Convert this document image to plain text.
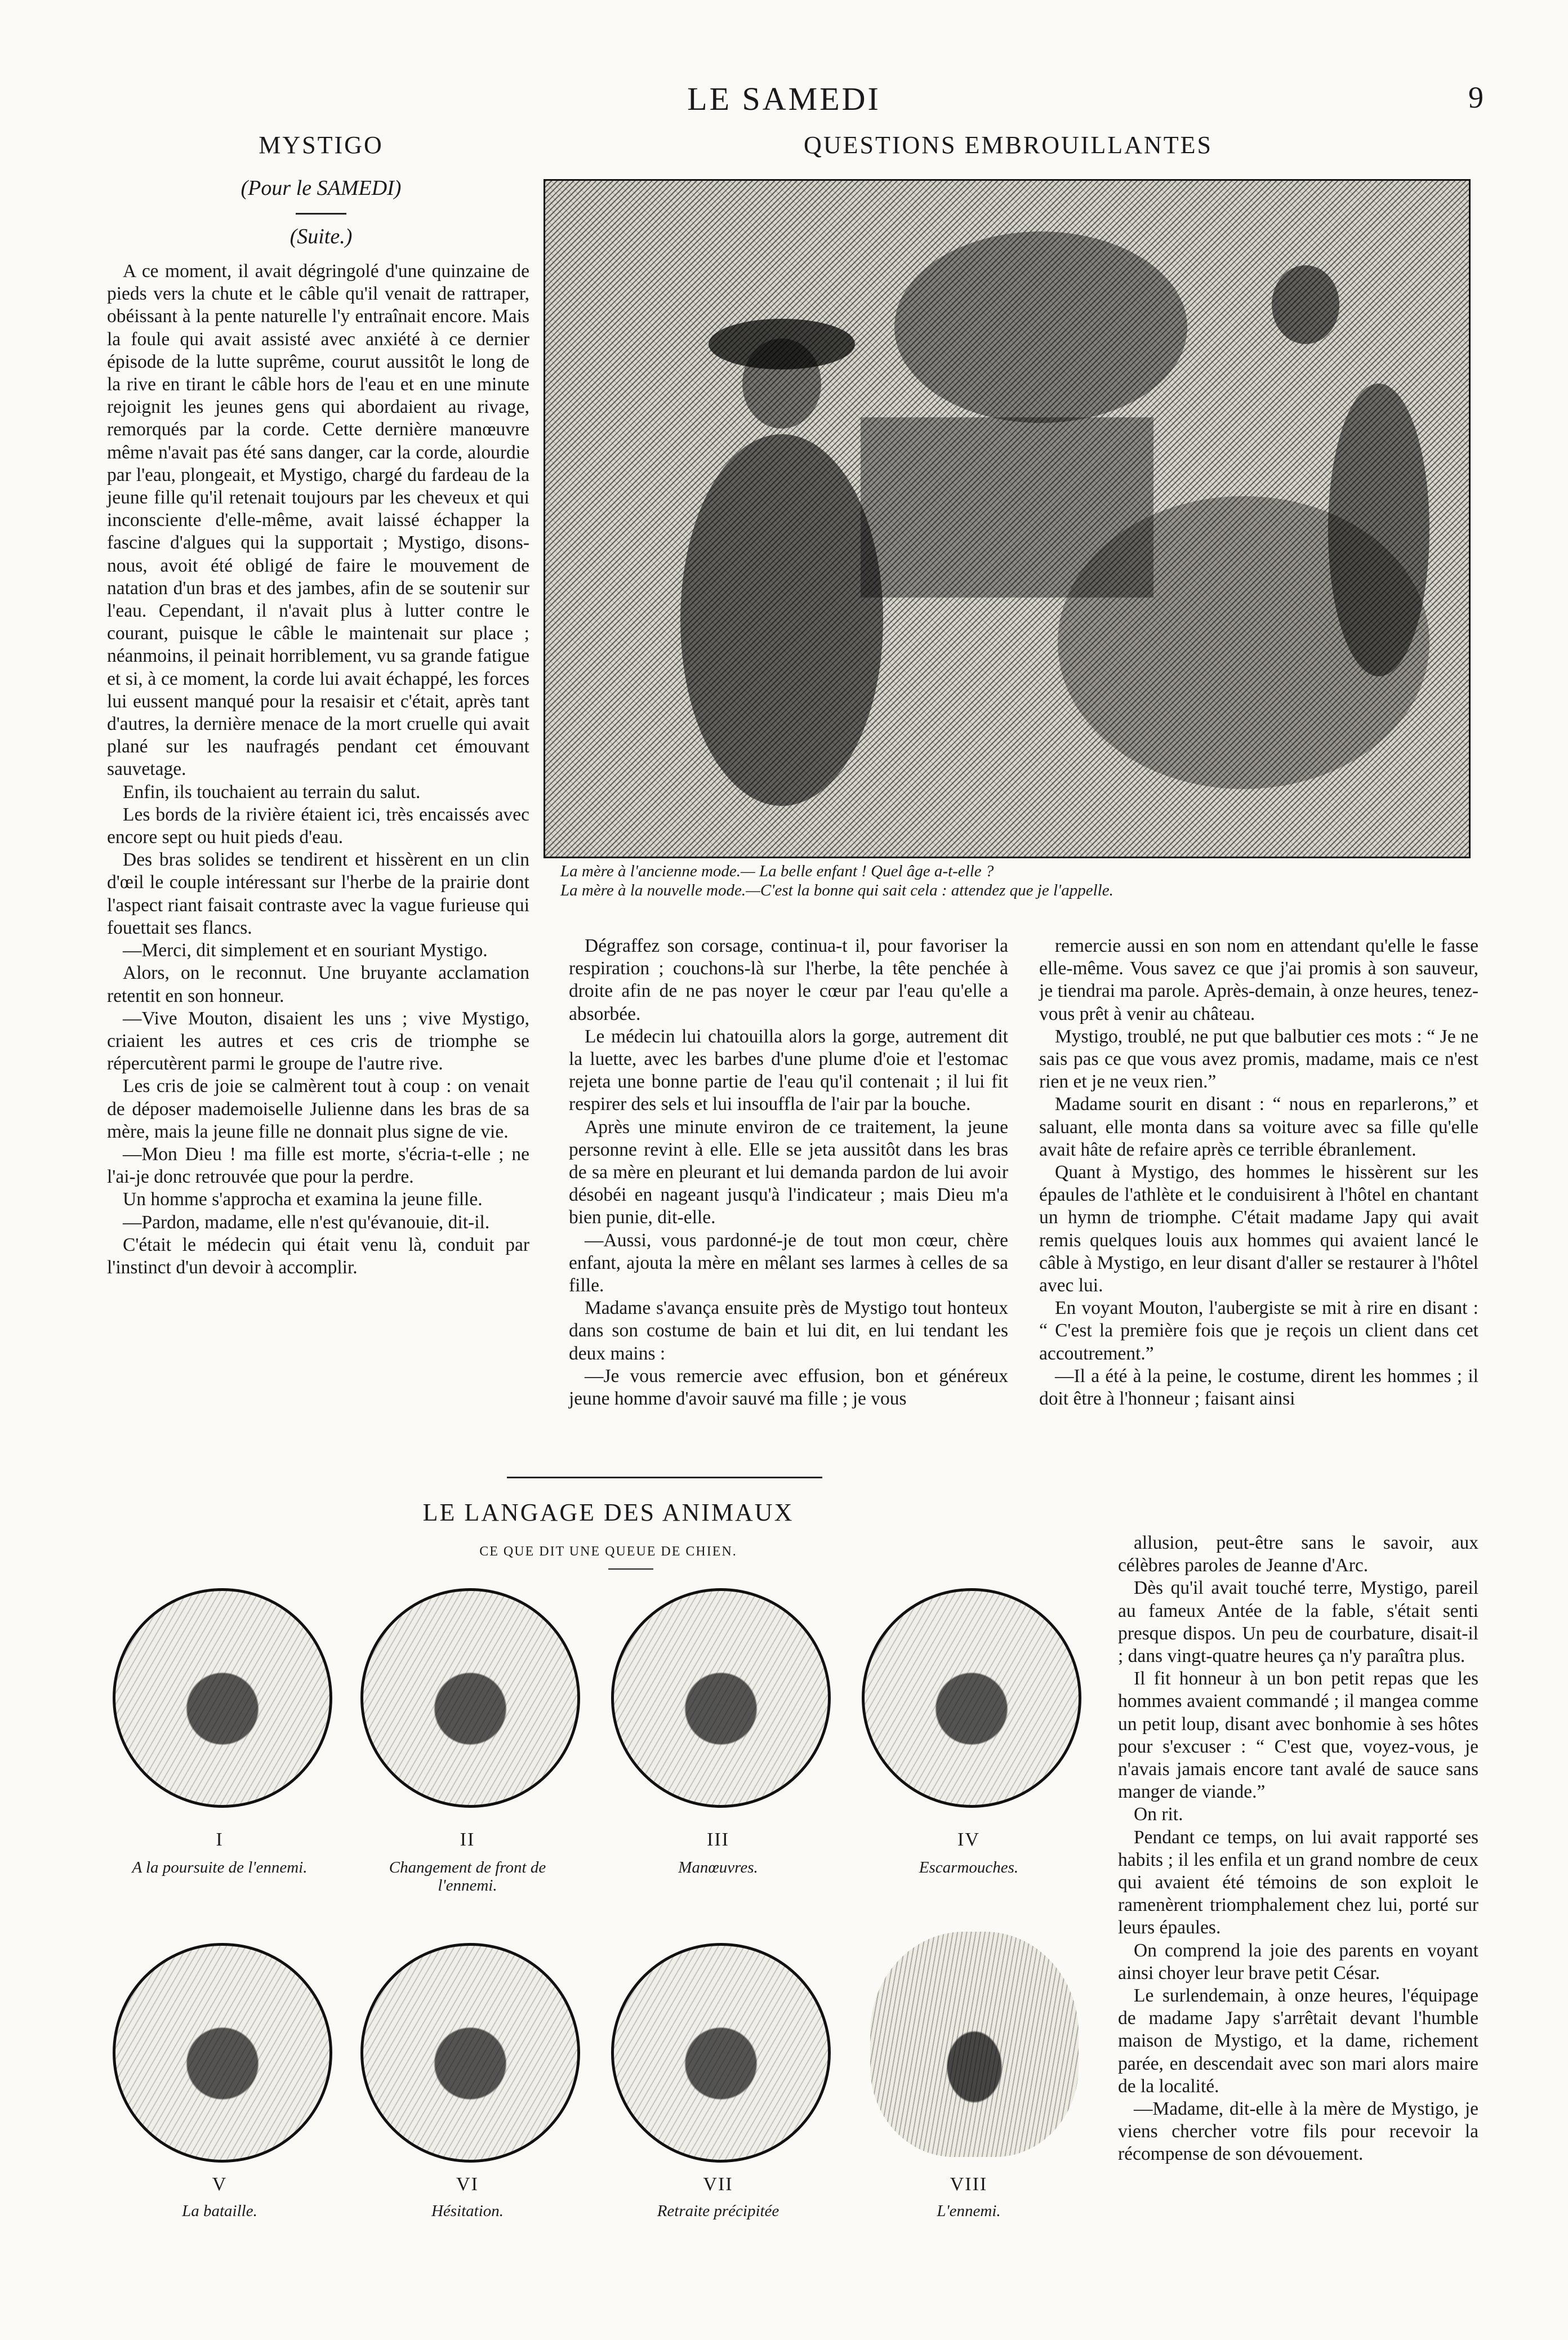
LE SAMEDI	9
MYSTIGO
(Pour le SAMEDI)
(Suite.)

A ce moment, il avait dégringolé d'une quinzaine de pieds vers la chute et le câble qu'il venait de rattraper, obéissant à la pente naturelle l'y entraînait encore. Mais la foule qui avait assisté avec anxiété à ce dernier épisode de la lutte suprême, courut aussitôt le long de la rive en tirant le câble hors de l'eau et en une minute rejoignit les jeunes gens qui abordaient au rivage, remorqués par la corde. Cette dernière manœuvre même n'avait pas été sans danger, car la corde, alourdie par l'eau, plongeait, et Mystigo, chargé du fardeau de la jeune fille qu'il retenait toujours par les cheveux et qui inconsciente d'elle-même, avait laissé échapper la fascine d'algues qui la supportait ; Mystigo, disons-nous, avoit été obligé de faire le mouvement de natation d'un bras et des jambes, afin de se soutenir sur l'eau. Cependant, il n'avait plus à lutter contre le courant, puisque le câble le maintenait sur place ; néanmoins, il peinait horriblement, vu sa grande fatigue et si, à ce moment, la corde lui avait échappé, les forces lui eussent manqué pour la resaisir et c'était, après tant d'autres, la dernière menace de la mort cruelle qui avait plané sur les naufragés pendant cet émouvant sauvetage.

Enfin, ils touchaient au terrain du salut.

Les bords de la rivière étaient ici, très encaissés avec encore sept ou huit pieds d'eau.

Des bras solides se tendirent et hissèrent en un clin d'œil le couple intéressant sur l'herbe de la prairie dont l'aspect riant faisait contraste avec la vague furieuse qui fouettait ses flancs.

—Merci, dit simplement et en souriant Mystigo.

Alors, on le reconnut. Une bruyante acclamation retentit en son honneur.

—Vive Mouton, disaient les uns ; vive Mystigo, criaient les autres et ces cris de triomphe se répercutèrent parmi le groupe de l'autre rive.

Les cris de joie se calmèrent tout à coup : on venait de déposer mademoiselle Julienne dans les bras de sa mère, mais la jeune fille ne donnait plus signe de vie.

—Mon Dieu ! ma fille est morte, s'écria-t-elle ; ne l'ai-je donc retrouvée que pour la perdre.

Un homme s'approcha et examina la jeune fille.

—Pardon, madame, elle n'est qu'évanouie, dit-il.

C'était le médecin qui était venu là, conduit par l'instinct d'un devoir à accomplir.

QUESTIONS EMBROUILLANTES
La mère à l'ancienne mode.— La belle enfant ! Quel âge a-t-elle ?
La mère à la nouvelle mode.—C'est la bonne qui sait cela : attendez que je l'appelle.

Dégraffez son corsage, continua-t il, pour favoriser la respiration ; couchons-là sur l'herbe, la tête penchée à droite afin de ne pas noyer le cœur par l'eau qu'elle a absorbée.

Le médecin lui chatouilla alors la gorge, autrement dit la luette, avec les barbes d'une plume d'oie et l'estomac rejeta une bonne partie de l'eau qu'il contenait ; il lui fit respirer des sels et lui insouffla de l'air par la bouche.

Après une minute environ de ce traitement, la jeune personne revint à elle. Elle se jeta aussitôt dans les bras de sa mère en pleurant et lui demanda pardon de lui avoir désobéi en nageant jusqu'à l'indicateur ; mais Dieu m'a bien punie, dit-elle.

—Aussi, vous pardonné-je de tout mon cœur, chère enfant, ajouta la mère en mêlant ses larmes à celles de sa fille.

Madame s'avança ensuite près de Mystigo tout honteux dans son costume de bain et lui dit, en lui tendant les deux mains :

—Je vous remercie avec effusion, bon et généreux jeune homme d'avoir sauvé ma fille ; je vous

remercie aussi en son nom en attendant qu'elle le fasse elle-même. Vous savez ce que j'ai promis à son sauveur, je tiendrai ma parole. Après-demain, à onze heures, tenez-vous prêt à venir au château.

Mystigo, troublé, ne put que balbutier ces mots : “ Je ne sais pas ce que vous avez promis, madame, mais ce n'est rien et je ne veux rien.”

Madame sourit en disant : “ nous en reparlerons,” et saluant, elle monta dans sa voiture avec sa fille qu'elle avait hâte de refaire après ce terrible ébranlement.

Quant à Mystigo, des hommes le hissèrent sur les épaules de l'athlète et le conduisirent à l'hôtel en chantant un hymn de triomphe. C'était madame Japy qui avait remis quelques louis aux hommes qui avaient lancé le câble à Mystigo, en leur disant d'aller se restaurer à l'hôtel avec lui.

En voyant Mouton, l'aubergiste se mit à rire en disant : “ C'est la première fois que je reçois un client dans cet accoutrement.”

—Il a été à la peine, le costume, dirent les hommes ; il doit être à l'honneur ; faisant ainsi

allusion, peut-être sans le savoir, aux célèbres paroles de Jeanne d'Arc.

Dès qu'il avait touché terre, Mystigo, pareil au fameux Antée de la fable, s'était senti presque dispos. Un peu de courbature, disait-il ; dans vingt-quatre heures ça n'y paraîtra plus.

Il fit honneur à un bon petit repas que les hommes avaient commandé ; il mangea comme un petit loup, disant avec bonhomie à ses hôtes pour s'excuser : “ C'est que, voyez-vous, je n'avais jamais encore tant avalé de sauce sans manger de viande.”

On rit.

Pendant ce temps, on lui avait rapporté ses habits ; il les enfila et un grand nombre de ceux qui avaient été témoins de son exploit le ramenèrent triomphalement chez lui, porté sur leurs épaules.

On comprend la joie des parents en voyant ainsi choyer leur brave petit César.

Le surlendemain, à onze heures, l'équipage de madame Japy s'arrêtait devant l'humble maison de Mystigo, et la dame, richement parée, en descendait avec son mari alors maire de la localité.

—Madame, dit-elle à la mère de Mystigo, je viens chercher votre fils pour recevoir la récompense de son dévouement.

LE LANGAGE DES ANIMAUX
CE QUE DIT UNE QUEUE DE CHIEN.
I	II	III	IV
A la poursuite de l'ennemi.	Changement de front de l'ennemi.
Manœuvres.	Escarmouches.
V	VI	VII	VIII
La bataille.	Hésitation.	Retraite précipitée	L'ennemi.
